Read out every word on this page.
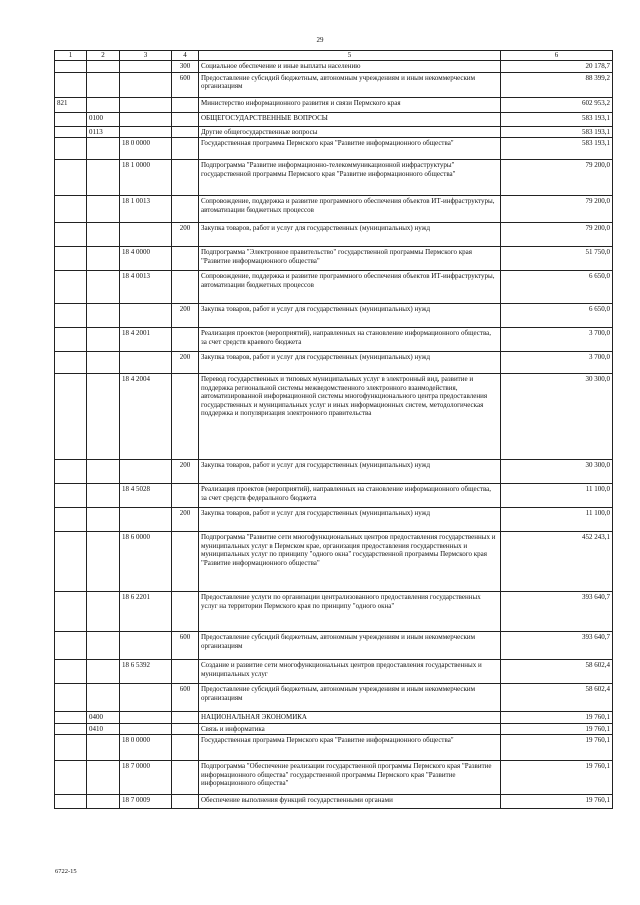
29
1	2	3	4	5	6
			300	Социальное обеспечение и иные выплаты населению	20 178,7
			600	Предоставление субсидий бюджетным, автономным учреждениям и иным некоммерческим организациям	88 399,2
821				Министерство информационного развития и связи Пермского края	602 953,2
	0100			ОБЩЕГОСУДАРСТВЕННЫЕ ВОПРОСЫ	583 193,1
	0113			Другие общегосударственные вопросы	583 193,1
		18 0 0000		Государственная программа Пермского края "Развитие информационного общества"	583 193,1
		18 1 0000		Подпрограмма "Развитие информационно-телекоммуникационной инфраструктуры" государственной программы Пермского края "Развитие информационного общества"	79 200,0
		18 1 0013		Сопровождение, поддержка и развитие программного обеспечения объектов ИТ-инфраструктуры, автоматизации бюджетных процессов	79 200,0
			200	Закупка товаров, работ и услуг для государственных (муниципальных) нужд	79 200,0
		18 4 0000		Подпрограмма "Электронное правительство" государственной программы Пермского края "Развитие информационного общества"	51 750,0
		18 4 0013		Сопровождение, поддержка и развитие программного обеспечения объектов ИТ-инфраструктуры, автоматизации бюджетных процессов	6 650,0
			200	Закупка товаров, работ и услуг для государственных (муниципальных) нужд	6 650,0
		18 4 2001		Реализация проектов (мероприятий), направленных на становление информационного общества, за счет средств краевого бюджета	3 700,0
			200	Закупка товаров, работ и услуг для государственных (муниципальных) нужд	3 700,0
		18 4 2004		Перевод государственных и типовых муниципальных услуг в электронный вид, развитие и поддержка региональной системы межведомственного электронного взаимодействия, автоматизированной информационной системы многофункционального центра предоставления государственных и муниципальных услуг и иных информационных систем, методологическая поддержка и популяризация электронного правительства	30 300,0
			200	Закупка товаров, работ и услуг для государственных (муниципальных) нужд	30 300,0
		18 4 5028		Реализация проектов (мероприятий), направленных на становление информационного общества, за счет средств федерального бюджета	11 100,0
			200	Закупка товаров, работ и услуг для государственных (муниципальных) нужд	11 100,0
		18 6 0000		Подпрограмма "Развитие сети многофункциональных центров предоставления государственных и муниципальных услуг в Пермском крае, организация предоставления государственных и муниципальных услуг по принципу "одного окна" государственной программы Пермского края "Развитие информационного общества"	452 243,1
		18 6 2201		Предоставление услуги по организации централизованного предоставления государственных услуг на территории Пермского края по принципу "одного окна"	393 640,7
			600	Предоставление субсидий бюджетным, автономным учреждениям и иным некоммерческим организациям	393 640,7
		18 6 5392		Создание и развитие сети многофункциональных центров предоставления государственных и муниципальных услуг	58 602,4
			600	Предоставление субсидий бюджетным, автономным учреждениям и иным некоммерческим организациям	58 602,4
	0400			НАЦИОНАЛЬНАЯ ЭКОНОМИКА	19 760,1
	0410			Связь и информатика	19 760,1
		18 0 0000		Государственная программа Пермского края "Развитие информационного общества"	19 760,1
		18 7 0000		Подпрограмма "Обеспечение реализации государственной программы Пермского края "Развитие информационного общества" государственной программы Пермского края "Развитие информационного общества"	19 760,1
		18 7 0009		Обеспечение выполнения функций государственными органами	19 760,1
6722-15
